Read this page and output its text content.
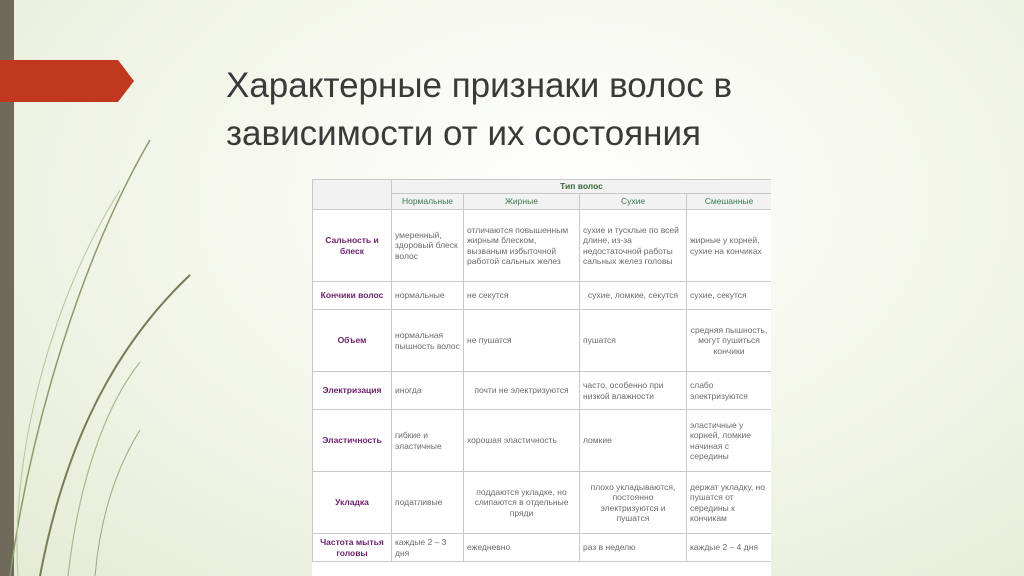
Характерные признаки волос в
зависимости от их состояния
	Тип волос			
	Нормальные	Жирные	Сухие	Смешанные
Сальность и блеск	умеренный, здоровый блеск волос	отличаются повышенным жирным блеском, вызваным избыточной работой сальных желез	сухие и тусклые по всей длине, из-за недостаточной работы сальных желез головы	жирные у корней, сухие на кончиках
Кончики волос	нормальные	не секутся	сухие, ломкие, секутся	сухие, секутся
Объем	нормальная пышность волос	не пушатся	пушатся	средняя пышность, могут пушиться кончики
Электризация	иногда	почти не электризуются	часто, особенно при низкой влажности	слабо электризуются
Эластичность	гибкие и эластичные	хорошая эластичность	ломкие	эластичные у корней, ломкие начиная с середины
Укладка	податливые	поддаются укладке, но слипаются в отдельные пряди	плохо укладываются, постоянно электризуются и пушатся	держат укладку, но пушатся от середины к кончикам
Частота мытья головы	каждые 2 – 3 дня	ежедневно	раз в неделю	каждые 2 – 4 дня
